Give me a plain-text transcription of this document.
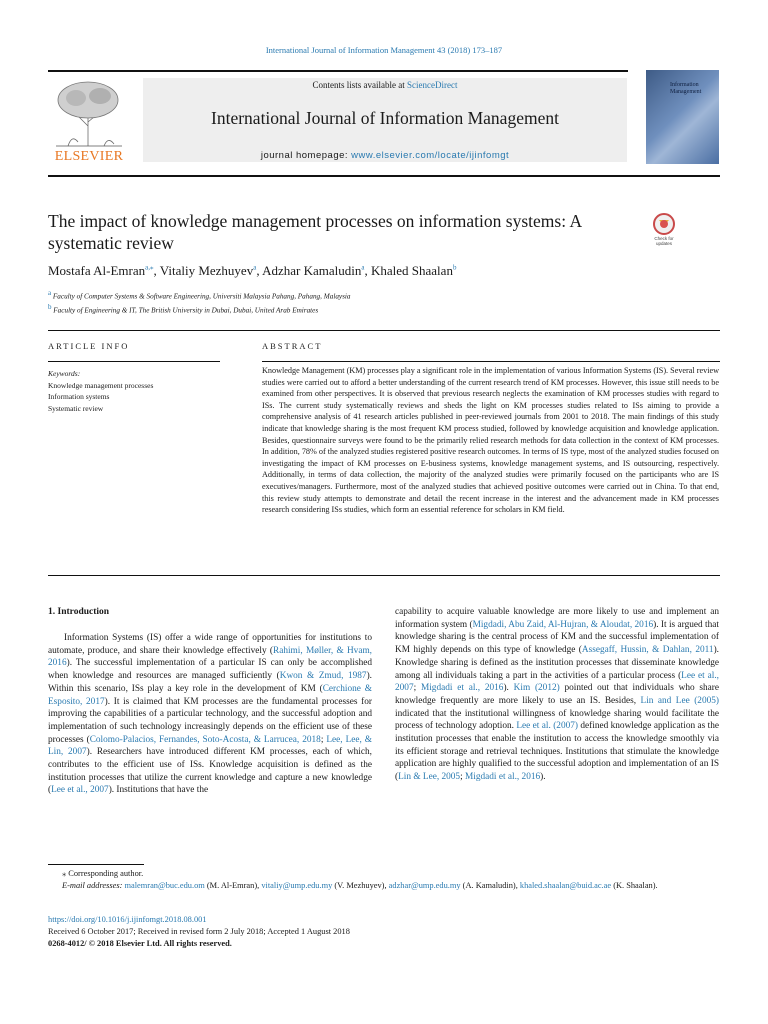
International Journal of Information Management 43 (2018) 173–187
ELSEVIER
Contents lists available at ScienceDirect
International Journal of Information Management
journal homepage: www.elsevier.com/locate/ijinfomgt
Information Management
The impact of knowledge management processes on information systems: A systematic review	Check for updates
Mostafa Al-Emran$^{a,⁎}$, Vitaliy Mezhuyev$^a$, Adzhar Kamaludin$^a$, Khaled Shaalan$^b$
$^a$ Faculty of Computer Systems & Software Engineering, Universiti Malaysia Pahang, Pahang, Malaysia
$^b$ Faculty of Engineering & IT, The British University in Dubai, Dubai, United Arab Emirates
ARTICLE INFO	ABSTRACT
Keywords:
Knowledge management processes
Information systems
Systematic review
Knowledge Management (KM) processes play a significant role in the implementation of various Information Systems (IS). Several review studies were carried out to afford a better understanding of the current research trend of KM processes. However, this issue still needs to be examined from other perspectives. It is observed that previous research neglects the examination of KM processes studies with regard to ISs. The current study systematically reviews and sheds the light on KM processes studies related to ISs aiming to provide a comprehensive analysis of 41 research articles published in peer-reviewed journals from 2001 to 2018. The main findings of this study indicate that knowledge sharing is the most frequent KM process studied, followed by knowledge acquisition and knowledge application. Besides, questionnaire surveys were found to be the primarily relied research methods for data collection in the context of KM processes. In addition, 78% of the analyzed studies registered positive research outcomes. In terms of IS type, most of the analyzed studies focused on investigating the impact of KM processes on E-business systems, knowledge management systems, and IS outsourcing, respectively. Additionally, in terms of data collection, the majority of the analyzed studies were primarily focused on the participants who are IS executives/managers. Furthermore, most of the analyzed studies that achieved positive outcomes were carried out in China. To that end, this review study attempts to demonstrate and detail the recent increase in the interest and the advancement made in KM processes research considering ISs studies, which form an essential reference for scholars in KM field.
1. Introduction
Information Systems (IS) offer a wide range of opportunities for institutions to automate, produce, and share their knowledge effectively (Rahimi, Møller, & Hvam, 2016). The successful implementation of a particular IS can only be accomplished when knowledge and resources are managed sufficiently (Kwon & Zmud, 1987). Within this scenario, ISs play a key role in the development of KM (Cerchione & Esposito, 2017). It is claimed that KM processes are the fundamental processes for improving the capabilities of a particular technology, and the successful adoption and implementation of such technology increasingly depends on the efficient use of these processes (Colomo-Palacios, Fernandes, Soto-Acosta, & Larrucea, 2018; Lee, Lee, & Lin, 2007). Researchers have introduced different KM processes, each of which, contributes to the efficient use of ISs. Knowledge acquisition is defined as the institution processes that utilize the current knowledge and capture a new knowledge (Lee et al., 2007). Institutions that have the
capability to acquire valuable knowledge are more likely to use and implement an information system (Migdadi, Abu Zaid, Al-Hujran, & Aloudat, 2016). It is argued that knowledge sharing is the central process of KM and the successful implementation of KM highly depends on this type of knowledge (Assegaff, Hussin, & Dahlan, 2011). Knowledge sharing is defined as the institution processes that disseminate knowledge among all individuals taking a part in the activities of a particular process (Lee et al., 2007; Migdadi et al., 2016). Kim (2012) pointed out that individuals who share knowledge frequently are more likely to use an IS. Besides, Lin and Lee (2005) indicated that the institutional willingness of knowledge sharing would facilitate the process of technology adoption. Lee et al. (2007) defined knowledge application as the institution processes that enable the institution to access the knowledge smoothly via its efficient storage and retrieval techniques. Institutions that stimulate the knowledge application are highly qualified to the successful adoption and implementation of an IS (Lin & Lee, 2005; Migdadi et al., 2016).
⁎ Corresponding author.
E-mail addresses: malemran@buc.edu.om (M. Al-Emran), vitaliy@ump.edu.my (V. Mezhuyev), adzhar@ump.edu.my (A. Kamaludin), khaled.shaalan@buid.ac.ae (K. Shaalan).
https://doi.org/10.1016/j.ijinfomgt.2018.08.001
Received 6 October 2017; Received in revised form 2 July 2018; Accepted 1 August 2018
0268-4012/ © 2018 Elsevier Ltd. All rights reserved.
